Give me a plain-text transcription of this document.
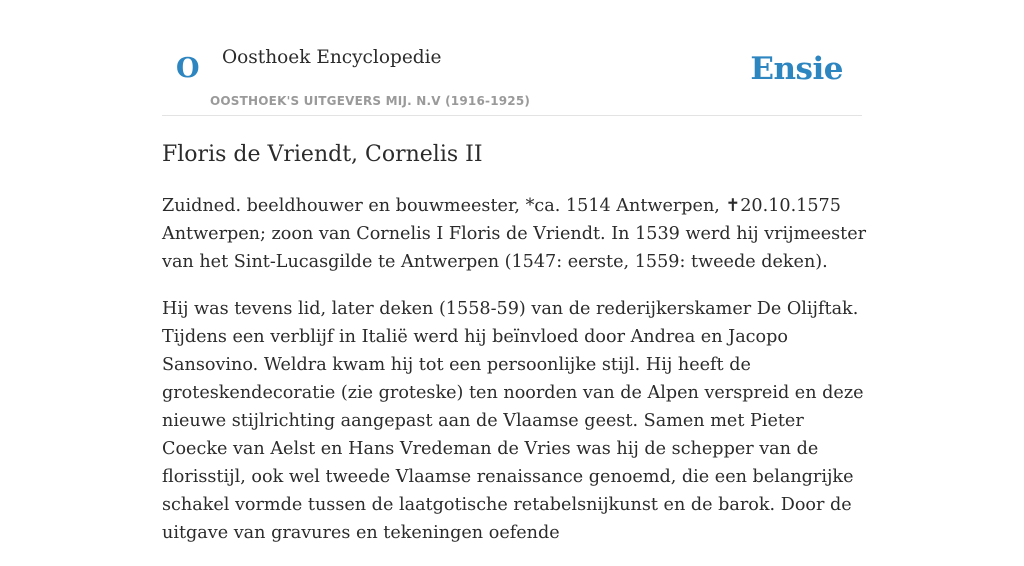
O Oosthoek Encyclopedie
OOSTHOEK'S UITGEVERS MIJ. N.V (1916-1925)
Ensie
Floris de Vriendt, Cornelis II

Zuidned. beeldhouwer en bouwmeester, *ca. 1514 Antwerpen, ✝20.10.1575 Antwerpen; zoon van Cornelis I Floris de Vriendt. In 1539 werd hij vrijmeester van het Sint-Lucasgilde te Antwerpen (1547: eerste, 1559: tweede deken).

Hij was tevens lid, later deken (1558-59) van de rederijkerskamer De Olijftak. Tijdens een verblijf in Italië werd hij beïnvloed door Andrea en Jacopo Sansovino. Weldra kwam hij tot een persoonlijke stijl. Hij heeft de groteskendecoratie (zie groteske) ten noorden van de Alpen verspreid en deze nieuwe stijlrichting aangepast aan de Vlaamse geest. Samen met Pieter Coecke van Aelst en Hans Vredeman de Vries was hij de schepper van de florisstijl, ook wel tweede Vlaamse renaissance genoemd, die een belangrijke schakel vormde tussen de laatgotische retabelsnijkunst en de barok. Door de uitgave van gravures en tekeningen oefende
